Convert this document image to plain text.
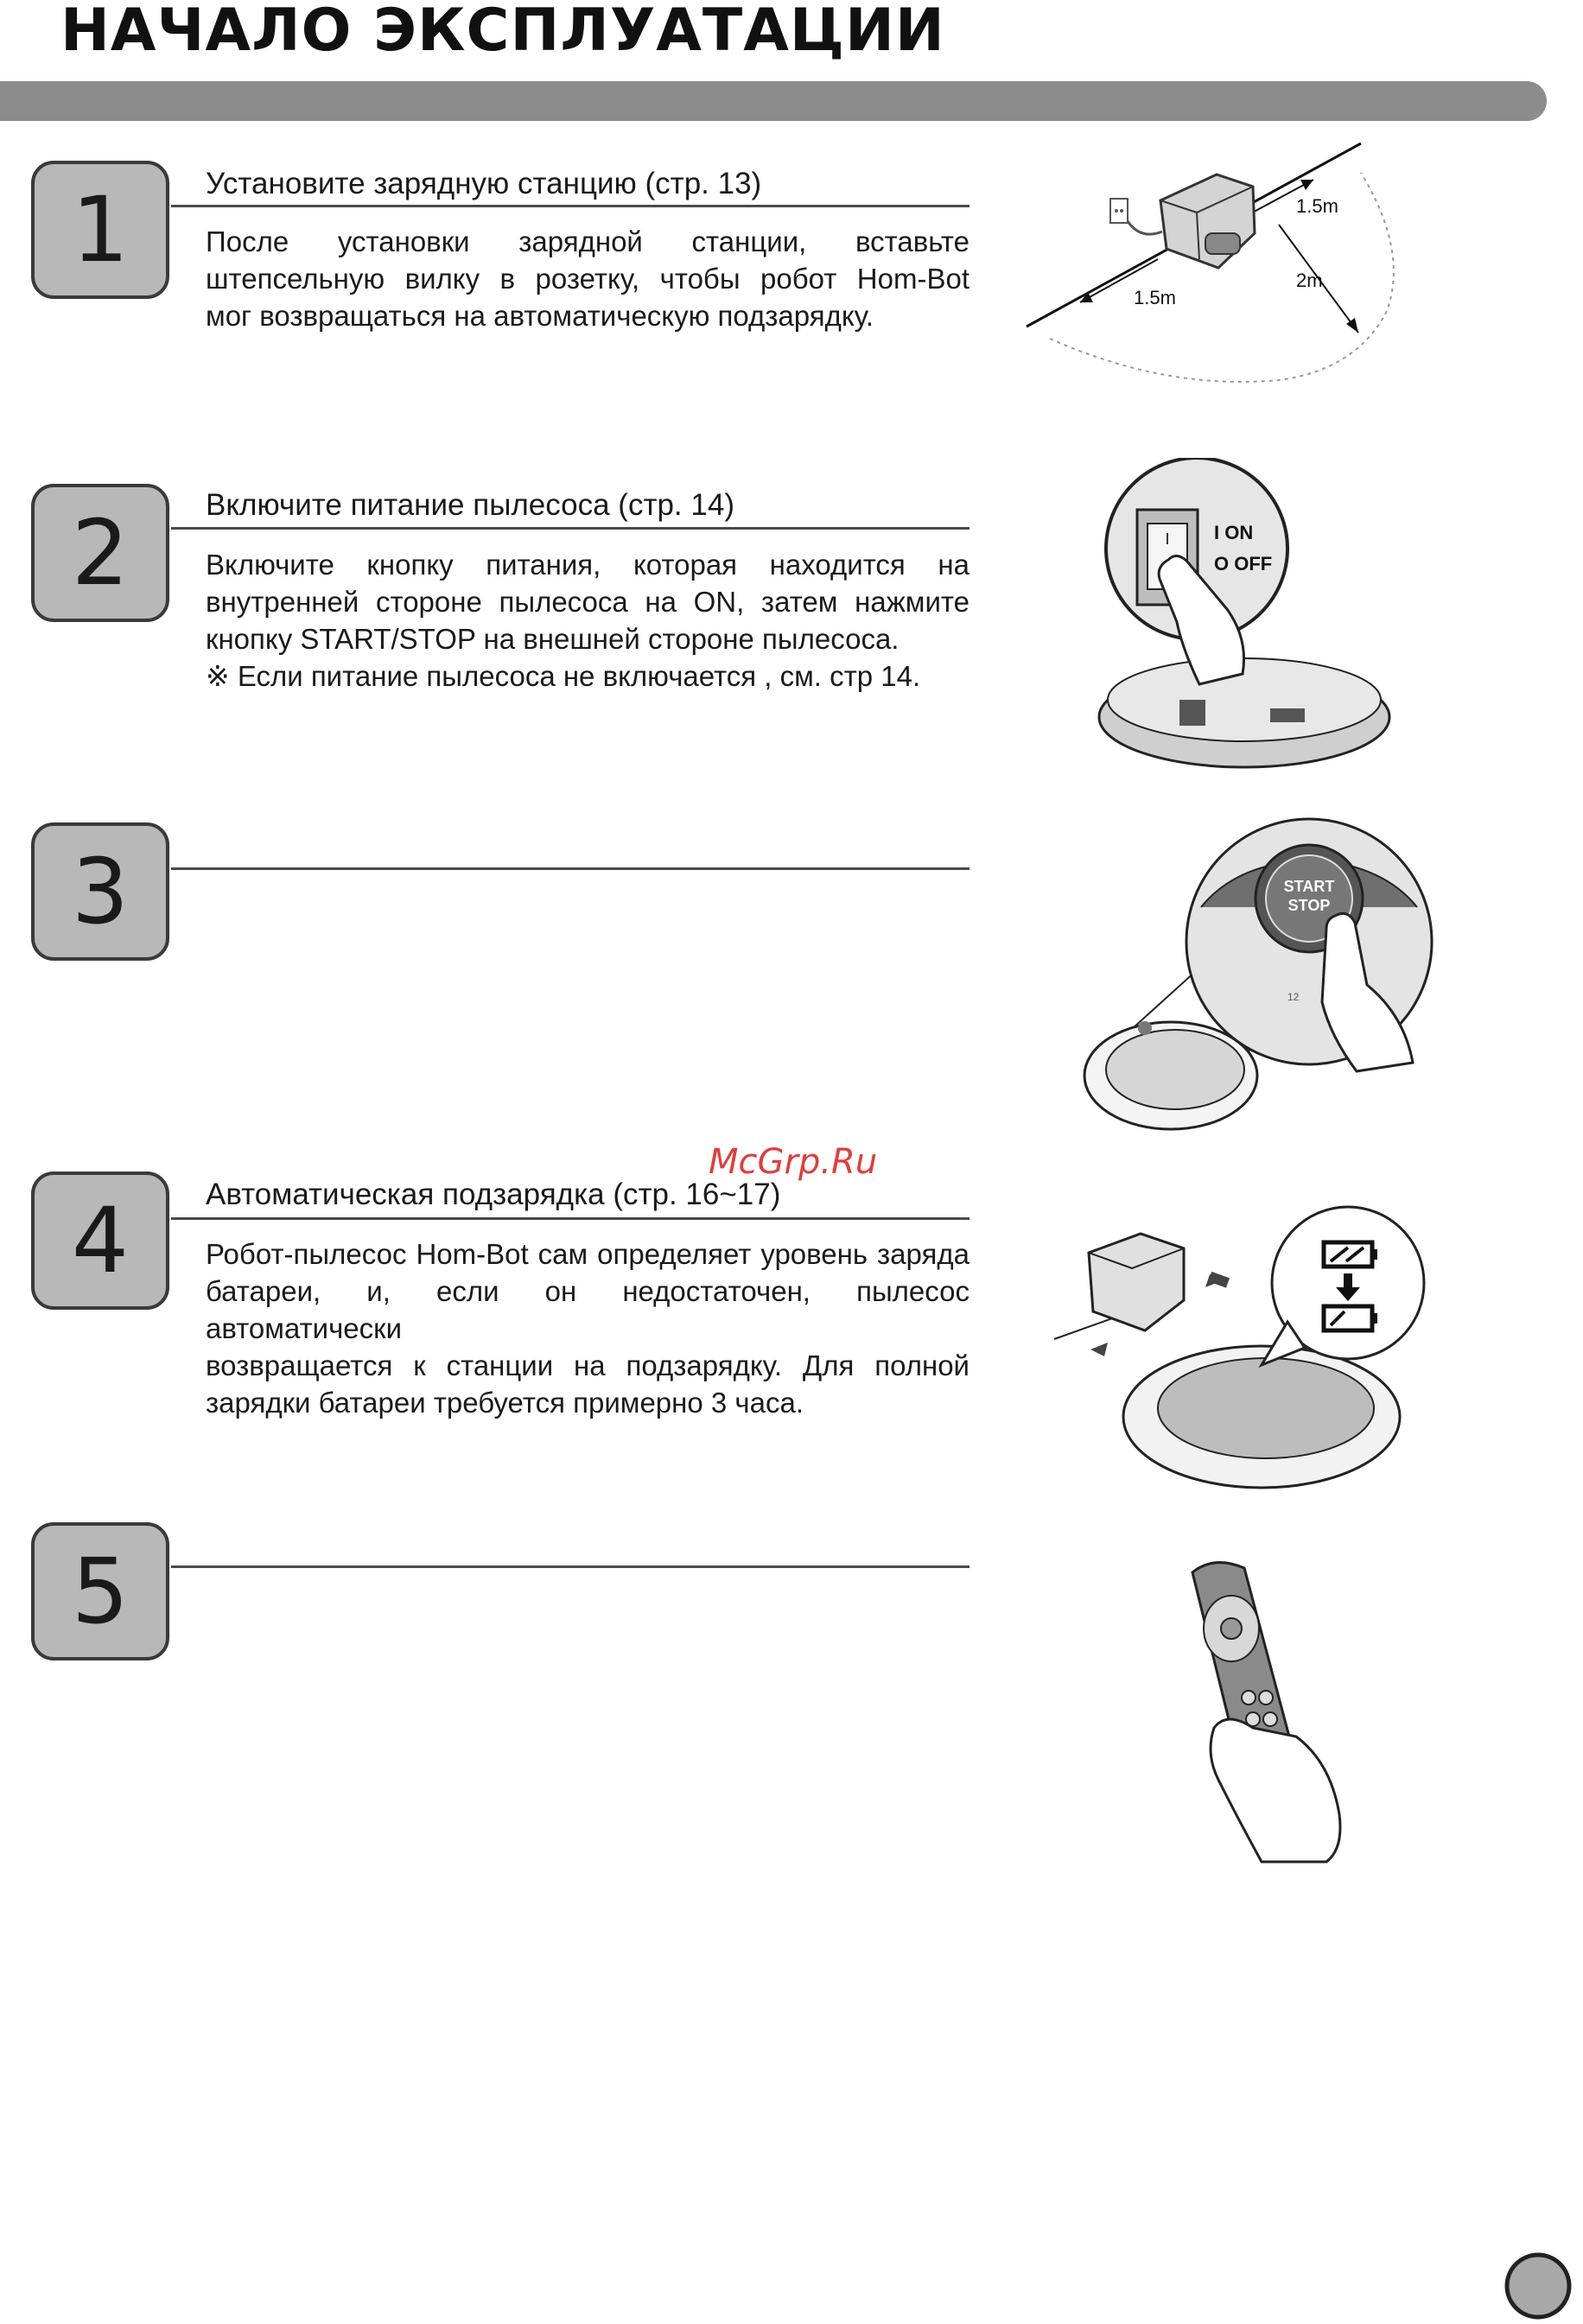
НАЧАЛО ЭКСПЛУАТАЦИИ
1	Установите зарядную станцию (стр. 13)

После установки зарядной станции, вставьте
штепсельную вилку в розетку, чтобы робот Hom-Bot
мог возвращаться на автоматическую подзарядку.

1.5m
2m
1.5m
2	Включите питание пылесоса (стр. 14)

Включите кнопку питания, которая находится на
внутренней стороне пылесоса на ON, затем нажмите
кнопку START/STOP на внешней стороне пылесоса.
※ Если питание пылесоса не включается , см. стр 14.

I I ON
O OFF
3	START
STOP
12

McGrp.Ru

4	Автоматическая подзарядка (стр. 16~17)

Робот-пылесос Hom-Bot сам определяет уровень заряда
батареи, и, если он недостаточен, пылесос автоматически
возвращается к станции на подзарядку. Для полной
зарядки батареи требуется примерно 3 часа.

5
